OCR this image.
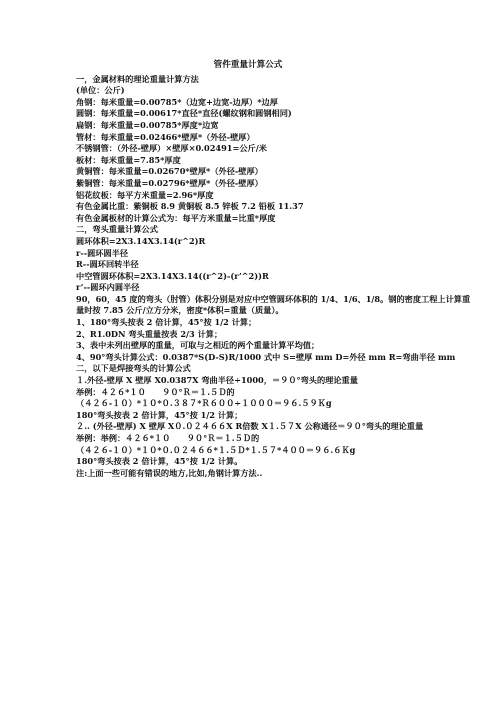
管件重量计算公式
一，金属材料的理论重量计算方法
(单位：公斤)
角钢：每米重量=0.00785*（边宽+边宽-边厚）*边厚
圆钢：每米重量=0.00617*直径*直径(螺纹钢和圆钢相同)
扁钢：每米重量=0.00785*厚度*边宽
管材：每米重量=0.02466*壁厚*（外径-壁厚）
不锈钢管：（外径-壁厚）×壁厚×0.02491=公斤/米
板材：每米重量=7.85*厚度
黄铜管：每米重量=0.02670*壁厚*（外径-壁厚）
紫铜管：每米重量=0.02796*壁厚*（外径-壁厚）
铝花纹板：每平方米重量=2.96*厚度
有色金属比重：紫铜板 8.9 黄铜板 8.5 锌板 7.2 铅板 11.37
有色金属板材的计算公式为：每平方米重量=比重*厚度
二，弯头重量计算公式
圆环体积=2X3.14X3.14(r^2)R
r--圆环圆半径
R--圆环回转半径
中空管圆环体积=2X3.14X3.14((r^2)-(r’^2))R
r’--圆环内圆半径
90，60，45 度的弯头（肘管）体积分别是对应中空管圆环体积的 1/4、1/6、1/8。钢的密度工程上计算重量时按 7.85 公斤/立方分米，密度*体积=重量（质量）。
1、180°弯头按表 2 倍计算，45°按 1/2 计算；
2、R1.0DN 弯头重量按表 2/3 计算；
3、表中未列出壁厚的重量，可取与之相近的两个重量计算平均值；
4、90°弯头计算公式：0.0387*S(D-S)R/1000 式中 S=壁厚 mm D=外径 mm R=弯曲半径 mm
二，以下是焊接弯头的计算公式
１.外径-壁厚 X 壁厚 X0.0387X 弯曲半径÷1000，＝９０°弯头的理论重量
举例：４２６*１０　　９０°Ｒ＝１.５Ｄ的
（４２６-１０）*１０*０.３８７*Ｒ６００÷１０００＝９６.５９Ｋg
180°弯头按表 2 倍计算，45°按 1/2 计算；
２.. (外径-壁厚) X 壁厚 X０.０２４６６X R倍数 X１.５７X 公称通径＝９０°弯头的理论重量
举例：举例：４２６*１０　　９０°Ｒ＝１.５Ｄ的
（４２６-１０）*１０*０.０２４６６*１.５Ｄ*１.５７*４００＝９６.６Ｋg
180°弯头按表 2 倍计算，45°按 1/2 计算。
注:上面一些可能有错误的地方,比如,角钢计算方法..
